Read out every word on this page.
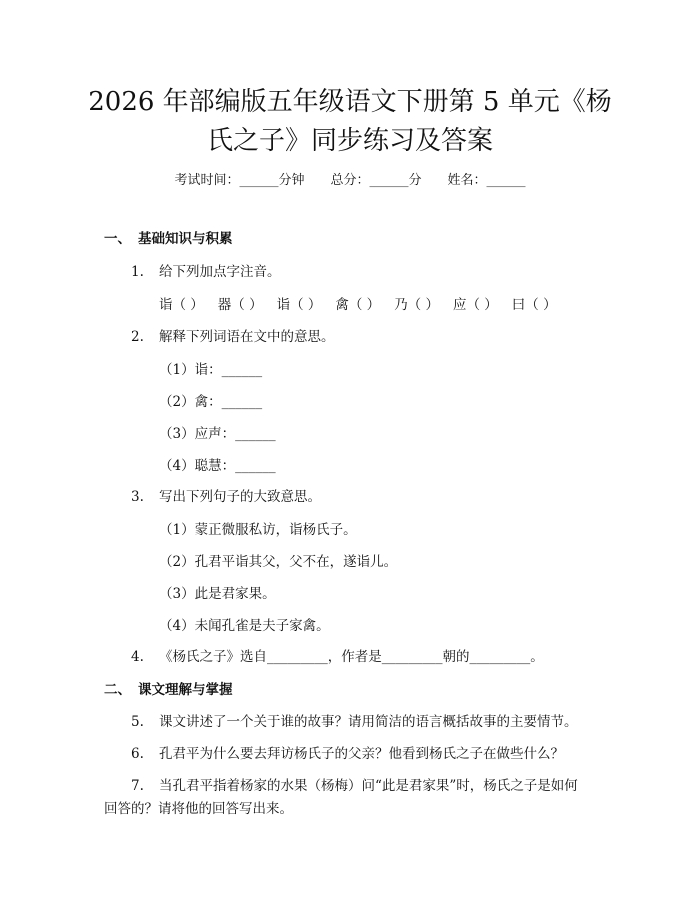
2026 年部编版五年级语文下册第 5 单元《杨
氏之子》同步练习及答案
考试时间：______分钟 总分：______分 姓名：______
一、 基础知识与积累
1. 给下列加点字注音。
诣（ ） 器（ ） 诣（ ） 禽（ ） 乃（ ） 应（ ） 曰（ ）
2. 解释下列词语在文中的意思。
（1）诣：______
（2）禽：______
（3）应声：______
（4）聪慧：______
3. 写出下列句子的大致意思。
（1）蒙正微服私访，诣杨氏子。
（2）孔君平诣其父，父不在，遂诣儿。
（3）此是君家果。
（4）未闻孔雀是夫子家禽。
4. 《杨氏之子》选自_________，作者是_________朝的_________。
二、 课文理解与掌握
5. 课文讲述了一个关于谁的故事？请用简洁的语言概括故事的主要情节。
6. 孔君平为什么要去拜访杨氏子的父亲？他看到杨氏之子在做些什么？
7. 当孔君平指着杨家的水果（杨梅）问“此是君家果”时，杨氏之子是如何
回答的？请将他的回答写出来。
